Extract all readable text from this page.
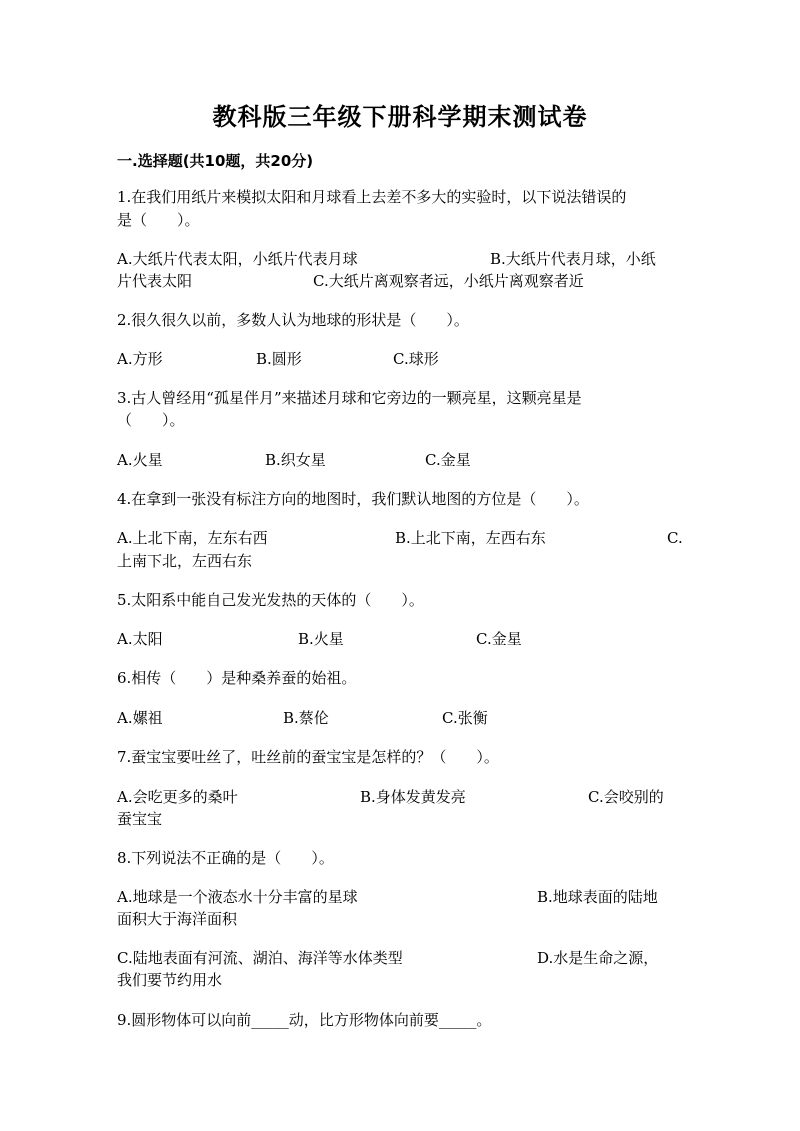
教科版三年级下册科学期末测试卷
一.选择题(共10题，共20分)
1.在我们用纸片来模拟太阳和月球看上去差不多大的实验时，以下说法错误的
是（　　）。
A.大纸片代表太阳，小纸片代表月球	B.大纸片代表月球，小纸
片代表太阳	C.大纸片离观察者远，小纸片离观察者近
2.很久很久以前，多数人认为地球的形状是（　　）。
A.方形	B.圆形	C.球形
3.古人曾经用“孤星伴月”来描述月球和它旁边的一颗亮星，这颗亮星是
（　　）。
A.火星	B.织女星	C.金星
4.在拿到一张没有标注方向的地图时，我们默认地图的方位是（　　）。
A.上北下南，左东右西	B.上北下南，左西右东	C.
上南下北，左西右东
5.太阳系中能自己发光发热的天体的（　　）。
A.太阳	B.火星	C.金星
6.相传（　　）是种桑养蚕的始祖。
A.嫘祖	B.蔡伦	C.张衡
7.蚕宝宝要吐丝了，吐丝前的蚕宝宝是怎样的？（　　）。
A.会吃更多的桑叶	B.身体发黄发亮	C.会咬别的
蚕宝宝
8.下列说法不正确的是（　　）。
A.地球是一个液态水十分丰富的星球	B.地球表面的陆地
面积大于海洋面积
C.陆地表面有河流、湖泊、海洋等水体类型	D.水是生命之源，
我们要节约用水
9.圆形物体可以向前_____动，比方形物体向前要_____。
